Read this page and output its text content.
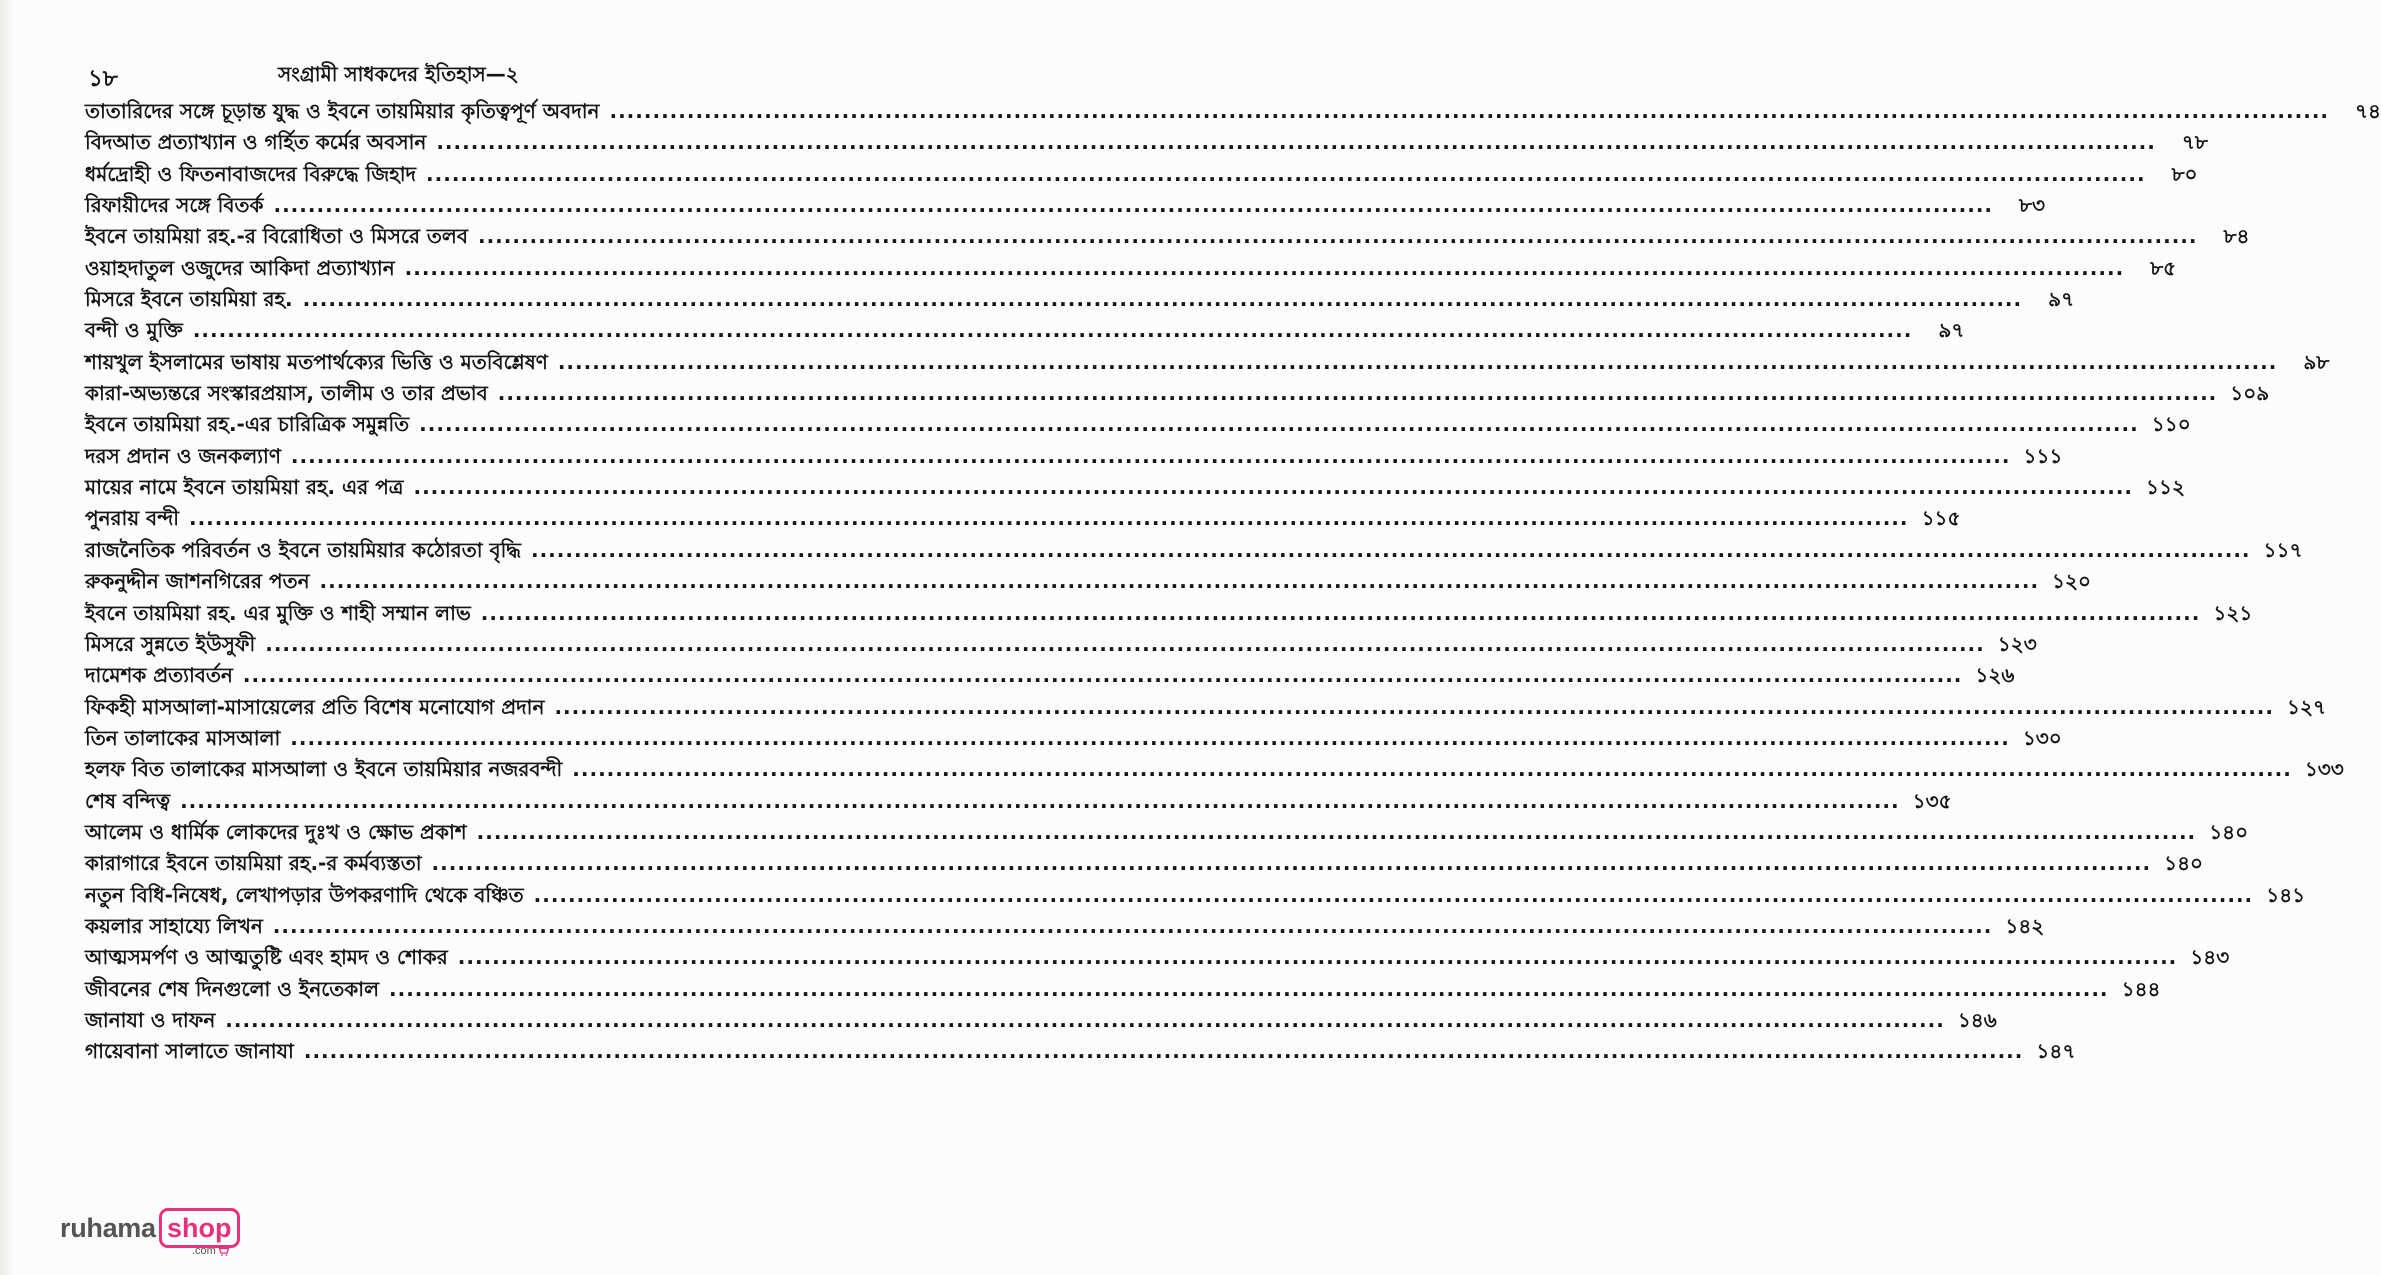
১৮	সংগ্রামী সাধকদের ইতিহাস—২
তাতারিদের সঙ্গে চূড়ান্ত যুদ্ধ ও ইবনে তায়মিয়ার কৃতিত্বপূর্ণ অবদান ........................................................................................................................................................................................................	৭৪
বিদআত প্রত্যাখ্যান ও গর্হিত কর্মের অবসান ........................................................................................................................................................................................................	৭৮
ধর্মদ্রোহী ও ফিতনাবাজদের বিরুদ্ধে জিহাদ ........................................................................................................................................................................................................	৮০
রিফায়ীদের সঙ্গে বিতর্ক ........................................................................................................................................................................................................	৮৩
ইবনে তায়মিয়া রহ.-র বিরোধিতা ও মিসরে তলব ........................................................................................................................................................................................................	৮৪
ওয়াহদাতুল ওজুদের আকিদা প্রত্যাখ্যান ........................................................................................................................................................................................................	৮৫
মিসরে ইবনে তায়মিয়া রহ. ........................................................................................................................................................................................................	৯৭
বন্দী ও মুক্তি ........................................................................................................................................................................................................	৯৭
শায়খুল ইসলামের ভাষায় মতপার্থক্যের ভিত্তি ও মতবিশ্লেষণ ........................................................................................................................................................................................................	৯৮
কারা-অভ্যন্তরে সংস্কারপ্রয়াস, তালীম ও তার প্রভাব ........................................................................................................................................................................................................ ১০৯
ইবনে তায়মিয়া রহ.-এর চারিত্রিক সমুন্নতি ........................................................................................................................................................................................................ ১১০
দরস প্রদান ও জনকল্যাণ ........................................................................................................................................................................................................ ১১১
মায়ের নামে ইবনে তায়মিয়া রহ. এর পত্র ........................................................................................................................................................................................................ ১১২
পুনরায় বন্দী ........................................................................................................................................................................................................ ১১৫
রাজনৈতিক পরিবর্তন ও ইবনে তায়মিয়ার কঠোরতা বৃদ্ধি ........................................................................................................................................................................................................ ১১৭
রুকনুদ্দীন জাশনগিরের পতন ........................................................................................................................................................................................................ ১২০
ইবনে তায়মিয়া রহ. এর মুক্তি ও শাহী সম্মান লাভ ........................................................................................................................................................................................................ ১২১
মিসরে সুন্নতে ইউসুফী ........................................................................................................................................................................................................ ১২৩
দামেশক প্রত্যাবর্তন ........................................................................................................................................................................................................ ১২৬
ফিকহী মাসআলা-মাসায়েলের প্রতি বিশেষ মনোযোগ প্রদান ........................................................................................................................................................................................................ ১২৭
তিন তালাকের মাসআলা ........................................................................................................................................................................................................ ১৩০
হলফ বিত তালাকের মাসআলা ও ইবনে তায়মিয়ার নজরবন্দী ........................................................................................................................................................................................................ ১৩৩
শেষ বন্দিত্ব ........................................................................................................................................................................................................ ১৩৫
আলেম ও ধার্মিক লোকদের দুঃখ ও ক্ষোভ প্রকাশ ........................................................................................................................................................................................................ ১৪০
কারাগারে ইবনে তায়মিয়া রহ.-র কর্মব্যস্ততা ........................................................................................................................................................................................................ ১৪০
নতুন বিধি-নিষেধ, লেখাপড়ার উপকরণাদি থেকে বঞ্চিত ........................................................................................................................................................................................................ ১৪১
কয়লার সাহায্যে লিখন ........................................................................................................................................................................................................ ১৪২
আত্মসমর্পণ ও আত্মতুষ্টি এবং হামদ ও শোকর ........................................................................................................................................................................................................ ১৪৩
জীবনের শেষ দিনগুলো ও ইনতেকাল ........................................................................................................................................................................................................ ১৪৪
জানাযা ও দাফন ........................................................................................................................................................................................................ ১৪৬
গায়েবানা সালাতে জানাযা ........................................................................................................................................................................................................ ১৪৭
ruhama shop
.com
